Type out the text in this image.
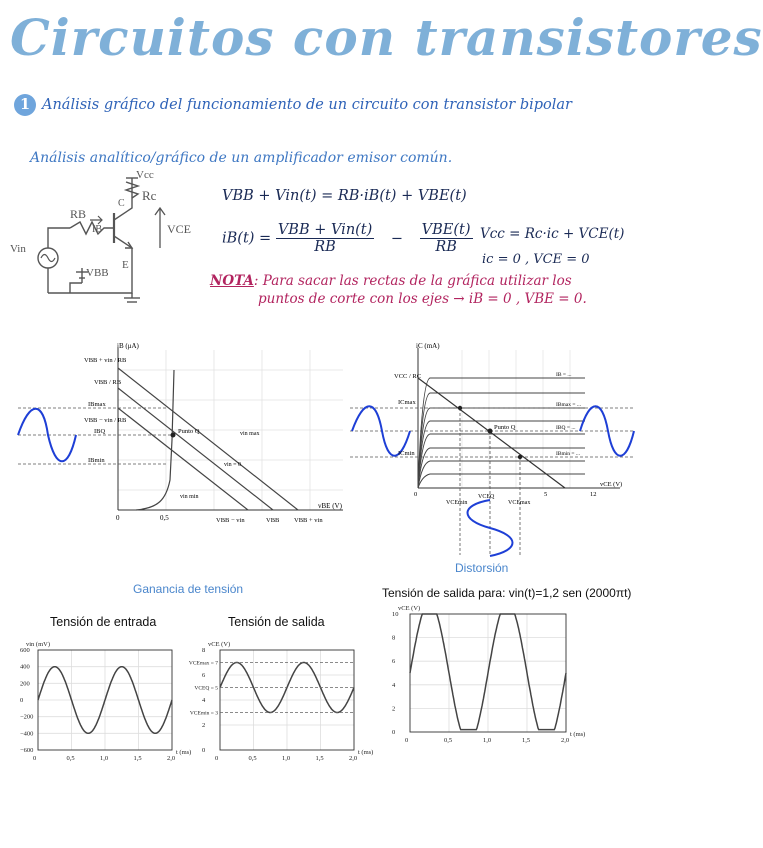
Circuitos con transistores
1 Análisis gráfico del funcionamiento de un circuito con transistor bipolar
Análisis analítico/gráfico de un amplificador emisor común.
Vcc
Rc
RB
IB
C
E
VCE
Vin
VBB
VBB + Vin(t) = RB·iB(t) + VBE(t)
$iB(t) = \frac{\text{VBB + Vin(t)}}{RB} - \frac{\text{VBE(t)}}{RB}$ Vcc = Rc·ic + VCE(t)
ic = 0 , VCE = 0
NOTA: Para sacar las rectas de la gráfica utilizar los
puntos de corte con los ejes → iB = 0 , VBE = 0.
iB (μA)
vBE (V)
VBB + vin / RB
VBB / RB
VBB − vin / RB
IBmax
IBQ
IBmin
VBB − vin	VBB VBB + vin
0	0,5
Punto Q	vin max
vin = 0
vin min
iC (mA)
vCE (V)
VCC / RC
ICmax
ICmin
VCEmin
VCEQ
VCEmax
0	5	12
Punto Q
IB = ...
IBmax = ...
IBQ = ...
IBmin = ...
Ganancia de tensión
Distorsión
Tensión de entrada
0	0,5	1,0	1,5	2,0
600
400
200
0
−200
−400
−600
vin (mV)
t (ms)
Tensión de salida
0	0,5	1,0	1,5	2,0
8
6
4
2
0
vCE (V)
t (ms)
VCEmax = 7
VCEQ = 5
VCEmin = 3
Tensión de salida para: vin(t)=1,2 sen (2000πt)
0	0,5	1,0	1,5	2,0
10
8
6
4
2
0
vCE (V)
t (ms)
